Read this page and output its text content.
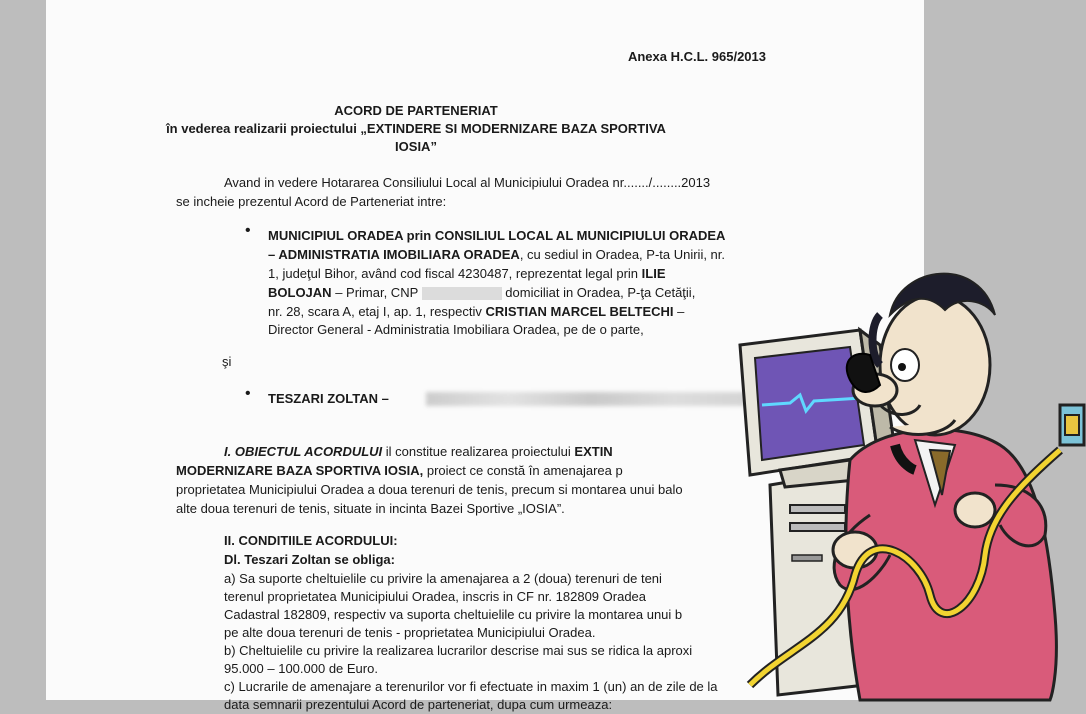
Anexa H.C.L. 965/2013
ACORD DE PARTENERIAT
în vederea realizarii proiectului „EXTINDERE SI MODERNIZARE BAZA SPORTIVA
IOSIA”
Avand in vedere Hotararea Consiliului Local al Municipiului Oradea nr......./........2013
se incheie prezentul Acord de Parteneriat intre:
• MUNICIPIUL ORADEA prin CONSILIUL LOCAL AL MUNICIPIULUI ORADEA
– ADMINISTRATIA IMOBILIARA ORADEA, cu sediul in Oradea, P-ta Unirii, nr.
1, judeţul Bihor, având cod fiscal 4230487, reprezentat legal prin ILIE
BOLOJAN – Primar, CNP	domiciliat in Oradea, P-ţa Cetăţii,
nr. 28, scara A, etaj I, ap. 1, respectiv CRISTIAN MARCEL BELTECHI –
Director General - Administratia Imobiliara Oradea, pe de o parte,
şi
• TESZARI ZOLTAN –
I. OBIECTUL ACORDULUI il constitue realizarea proiectului EXTIN
MODERNIZARE BAZA SPORTIVA IOSIA, proiect ce constă în amenajarea p
proprietatea Municipiului Oradea a doua terenuri de tenis, precum si montarea unui balo
alte doua terenuri de tenis, situate in incinta Bazei Sportive „IOSIA”.
II. CONDITIILE ACORDULUI:
Dl. Teszari Zoltan se obliga:
a) Sa suporte cheltuielile cu privire la amenajarea a 2 (doua) terenuri de teni
terenul proprietatea Municipiului Oradea, inscris in CF nr. 182809 Oradea
Cadastral 182809, respectiv va suporta cheltuielile cu privire la montarea unui b
pe alte doua terenuri de tenis - proprietatea Municipiului Oradea.
b) Cheltuielile cu privire la realizarea lucrarilor descrise mai sus se ridica la aproxi
95.000 – 100.000 de Euro.
c) Lucrarile de amenajare a terenurilor vor fi efectuate in maxim 1 (un) an de zile de la
data semnarii prezentului Acord de parteneriat, dupa cum urmeaza:
